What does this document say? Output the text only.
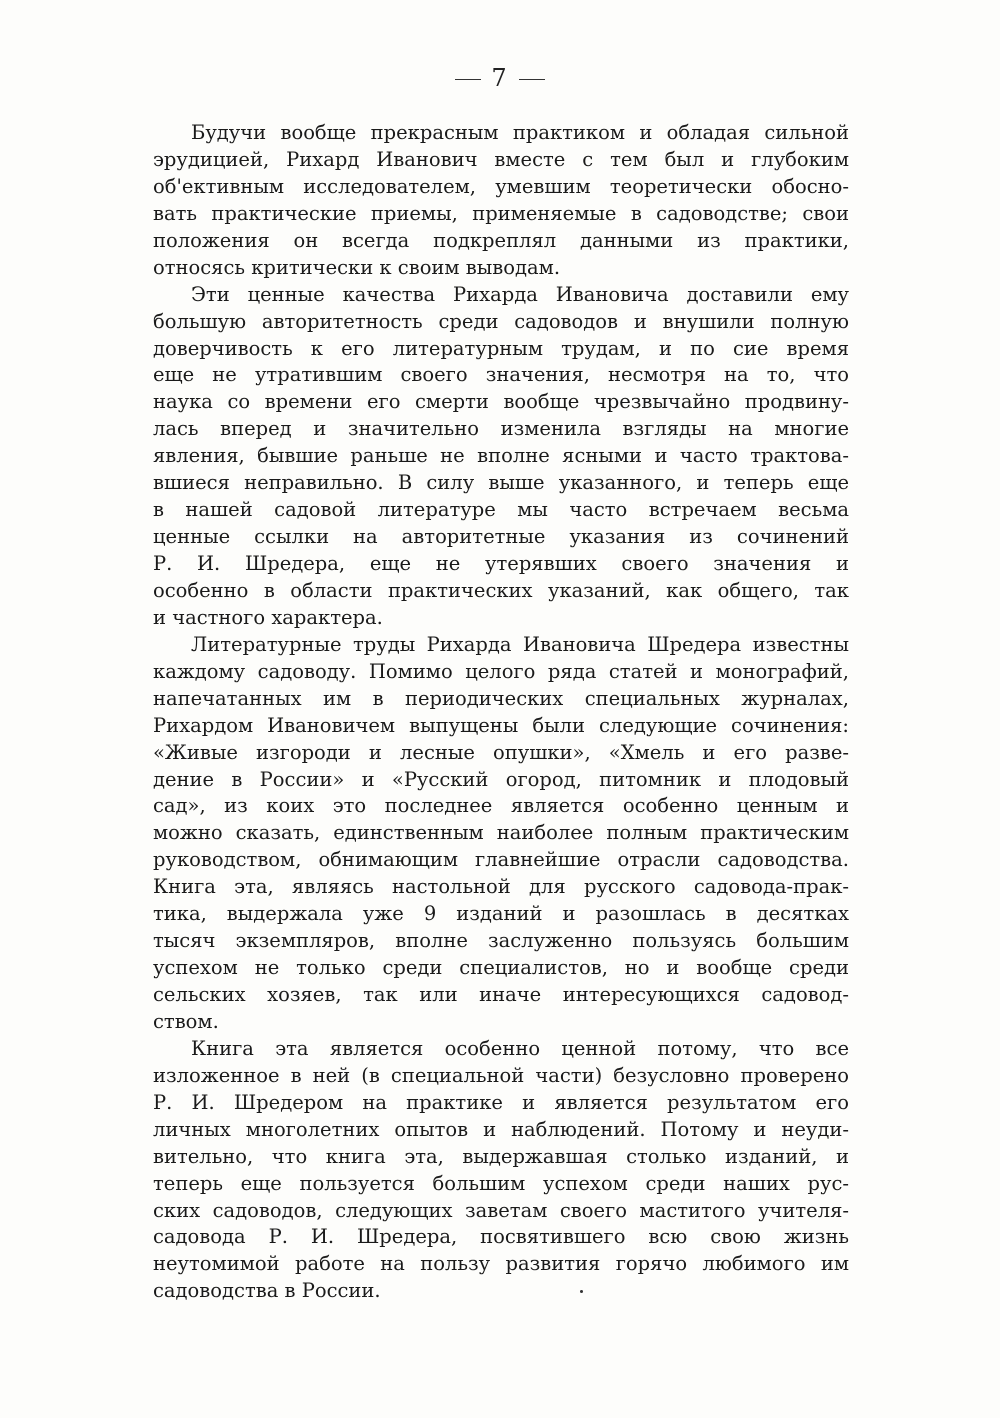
7

Будучи вообще прекрасным практиком и обладая сильной
эрудицией, Рихард Иванович вместе с тем был и глубоким
об'ективным исследователем, умевшим теоретически обосно-
вать практические приемы, применяемые в садоводстве; свои
положения он всегда подкреплял данными из практики,
относясь критически к своим выводам.

Эти ценные качества Рихарда Ивановича доставили ему
большую авторитетность среди садоводов и внушили полную
доверчивость к его литературным трудам, и по сие время
еще не утратившим своего значения, несмотря на то, что
наука со времени его смерти вообще чрезвычайно продвину-
лась вперед и значительно изменила взгляды на многие
явления, бывшие раньше не вполне ясными и часто трактова-
вшиеся неправильно. В силу выше указанного, и теперь еще
в нашей садовой литературе мы часто встречаем весьма
ценные ссылки на авторитетные указания из сочинений
Р. И. Шредера, еще не утерявших своего значения и
особенно в области практических указаний, как общего, так
и частного характера.

Литературные труды Рихарда Ивановича Шредера известны
каждому садоводу. Помимо целого ряда статей и монографий,
напечатанных им в периодических специальных журналах,
Рихардом Ивановичем выпущены были следующие сочинения:
«Живые изгороди и лесные опушки», «Хмель и его разве-
дение в России» и «Русский огород, питомник и плодовый
сад», из коих это последнее является особенно ценным и
можно сказать, единственным наиболее полным практическим
руководством, обнимающим главнейшие отрасли садоводства.
Книга эта, являясь настольной для русского садовода-прак-
тика, выдержала уже 9 изданий и разошлась в десятках
тысяч экземпляров, вполне заслуженно пользуясь большим
успехом не только среди специалистов, но и вообще среди
сельских хозяев, так или иначе интересующихся садовод-
ством.

Книга эта является особенно ценной потому, что все
изложенное в ней (в специальной части) безусловно проверено
Р. И. Шредером на практике и является результатом его
личных многолетних опытов и наблюдений. Потому и неуди-
вительно, что книга эта, выдержавшая столько изданий, и
теперь еще пользуется большим успехом среди наших рус-
ских садоводов, следующих заветам своего маститого учителя-
садовода Р. И. Шредера, посвятившего всю свою жизнь
неутомимой работе на пользу развития горячо любимого им
садоводства в России.
